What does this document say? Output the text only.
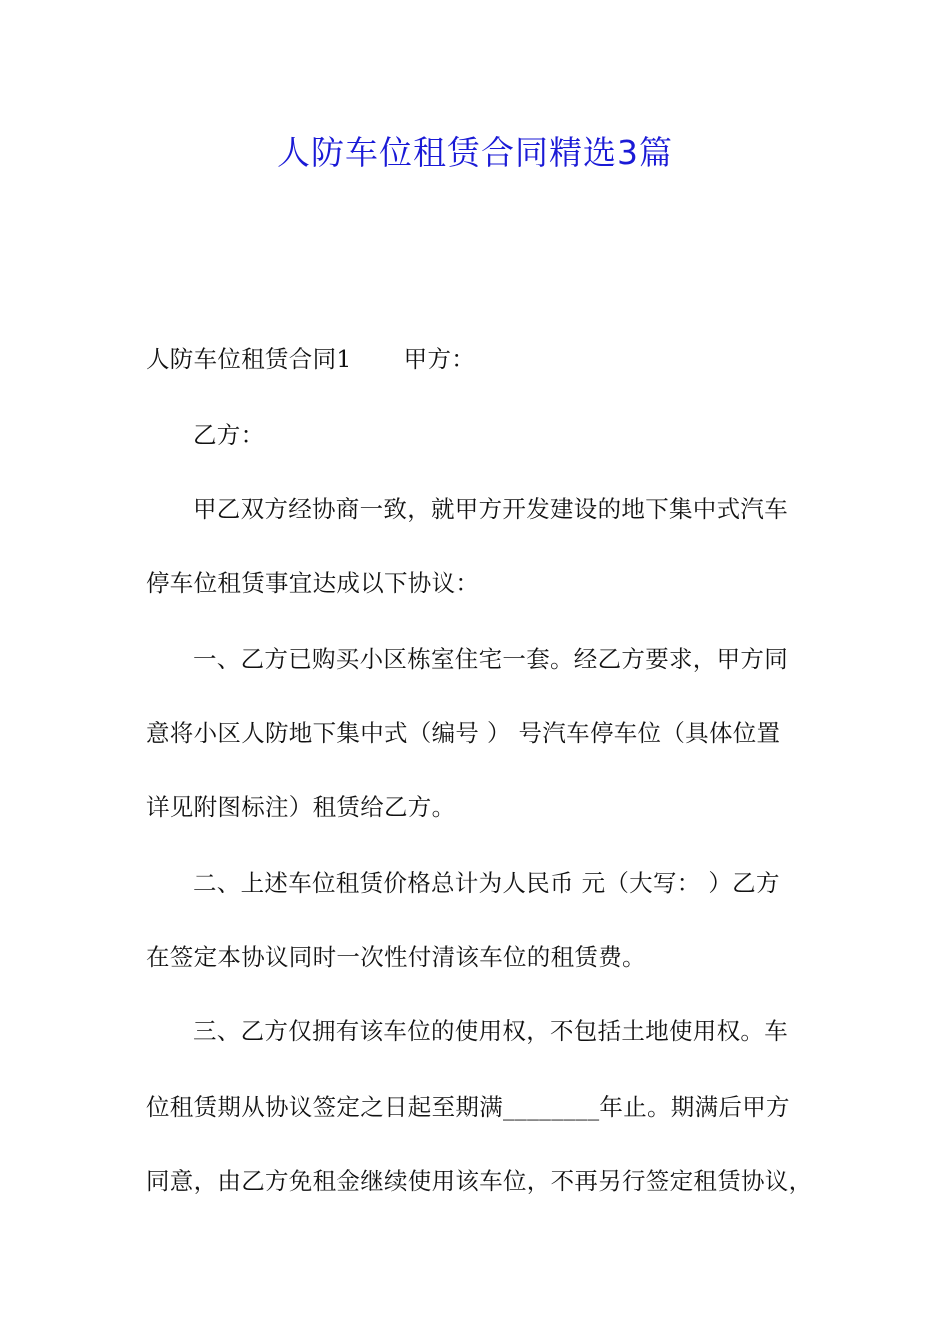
人防车位租赁合同精选3篇
人防车位租赁合同1 甲方：
乙方：
甲乙双方经协商一致，就甲方开发建设的地下集中式汽车
停车位租赁事宜达成以下协议：
一、乙方已购买小区栋室住宅一套。经乙方要求，甲方同
意将小区人防地下集中式（编号 ） 号汽车停车位（具体位置
详见附图标注）租赁给乙方。
二、上述车位租赁价格总计为人民币 元（大写： ）乙方
在签定本协议同时一次性付清该车位的租赁费。
三、乙方仅拥有该车位的使用权，不包括土地使用权。车
位租赁期从协议签定之日起至期满________年止。期满后甲方
同意，由乙方免租金继续使用该车位，不再另行签定租赁协议，
